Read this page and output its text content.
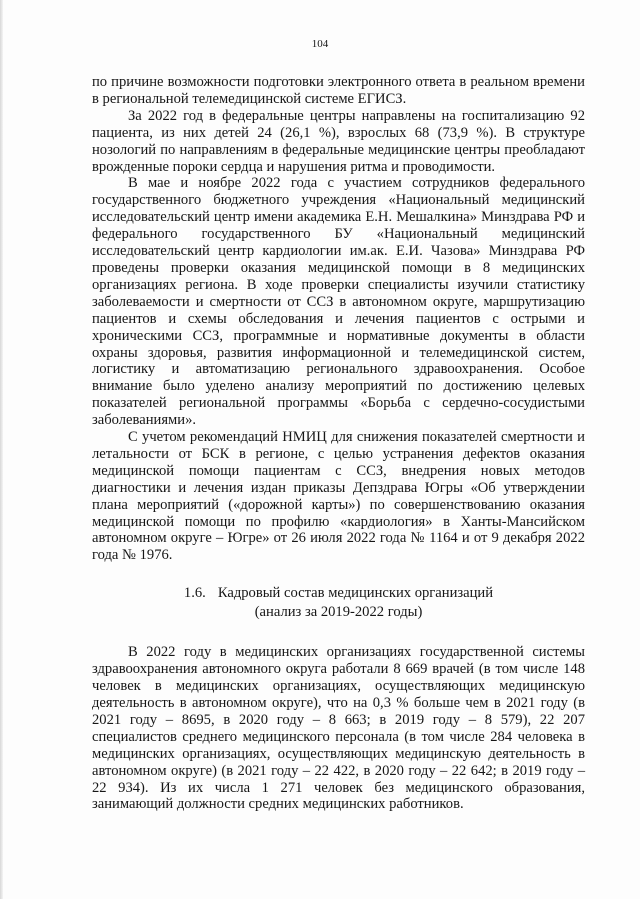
104

по причине возможности подготовки электронного ответа в реальном времени в региональной телемедицинской системе ЕГИСЗ.

За 2022 год в федеральные центры направлены на госпитализацию 92 пациента, из них детей 24 (26,1 %), взрослых 68 (73,9 %). В структуре нозологий по направлениям в федеральные медицинские центры преобладают врожденные пороки сердца и нарушения ритма и проводимости.

В мае и ноябре 2022 года с участием сотрудников федерального государственного бюджетного учреждения «Национальный медицинский исследовательский центр имени академика Е.Н. Мешалкина» Минздрава РФ и федерального государственного БУ «Национальный медицинский исследовательский центр кардиологии им.ак. Е.И. Чазова» Минздрава РФ проведены проверки оказания медицинской помощи в 8 медицинских организациях региона. В ходе проверки специалисты изучили статистику заболеваемости и смертности от ССЗ в автономном округе, маршрутизацию пациентов и схемы обследования и лечения пациентов с острыми и хроническими ССЗ, программные и нормативные документы в области охраны здоровья, развития информационной и телемедицинской систем, логистику и автоматизацию регионального здравоохранения. Особое внимание было уделено анализу мероприятий по достижению целевых показателей региональной программы «Борьба с сердечно-сосудистыми заболеваниями».

С учетом рекомендаций НМИЦ для снижения показателей смертности и летальности от БСК в регионе, с целью устранения дефектов оказания медицинской помощи пациентам с ССЗ, внедрения новых методов диагностики и лечения издан приказы Депздрава Югры «Об утверждении плана мероприятий («дорожной карты») по совершенствованию оказания медицинской помощи по профилю «кардиология» в Ханты-Мансийском автономном округе – Югре» от 26 июля 2022 года № 1164 и от 9 декабря 2022 года № 1976.

1.6. Кадровый состав медицинских организаций
(анализ за 2019-2022 годы)

В 2022 году в медицинских организациях государственной системы здравоохранения автономного округа работали 8 669 врачей (в том числе 148 человек в медицинских организациях, осуществляющих медицинскую деятельность в автономном округе), что на 0,3 % больше чем в 2021 году (в 2021 году – 8695, в 2020 году – 8 663; в 2019 году – 8 579), 22 207 специалистов среднего медицинского персонала (в том числе 284 человека в медицинских организациях, осуществляющих медицинскую деятельность в автономном округе) (в 2021 году – 22 422, в 2020 году – 22 642; в 2019 году – 22 934). Из их числа 1 271 человек без медицинского образования, занимающий должности средних медицинских работников.
